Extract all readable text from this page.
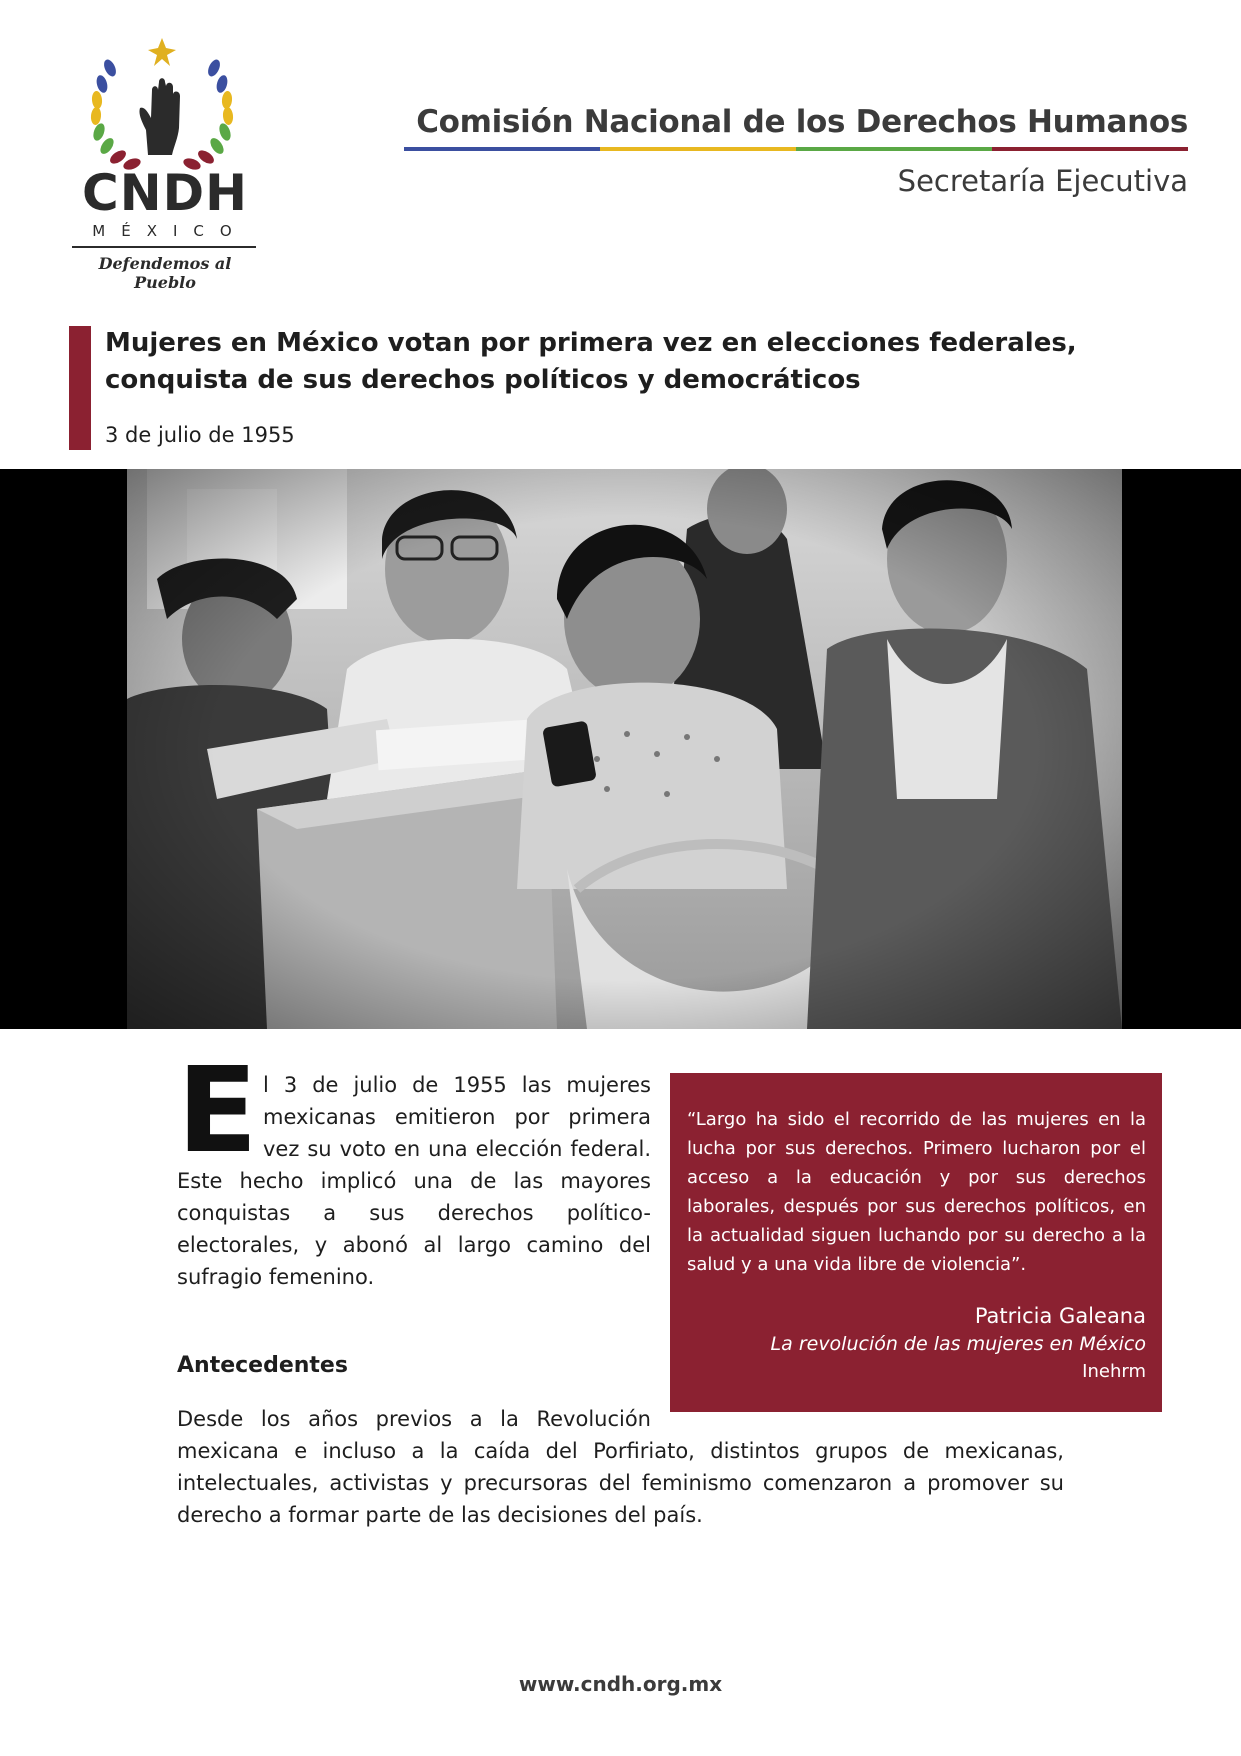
CNDH
MÉXICO
Defendemos al Pueblo
Comisión Nacional de los Derechos Humanos
Secretaría Ejecutiva
Mujeres en México votan por primera vez en elecciones federales,
conquista de sus derechos políticos y democráticos
3 de julio de 1955
E l 3 de julio de 1955 las mujeres
mexicanas emitieron por primera
vez su voto en una elección federal.
Este hecho implicó una de las mayores
conquistas a sus derechos político-
electorales, y abonó al largo camino del
sufragio femenino.
“Largo ha sido el recorrido de las mujeres en la lucha por sus derechos. Primero lucharon por el acceso a la educación y por sus derechos laborales, después por sus derechos políticos, en la actualidad siguen luchando por su derecho a la salud y a una vida libre de violencia”.
Patricia Galeana
La revolución de las mujeres en México
Inehrm
Antecedentes
Desde los años previos a la Revolución
mexicana e incluso a la caída del Porfiriato, distintos grupos de mexicanas, intelectuales, activistas y precursoras del feminismo comenzaron a promover su derecho a formar parte de las decisiones del país.
www.cndh.org.mx
